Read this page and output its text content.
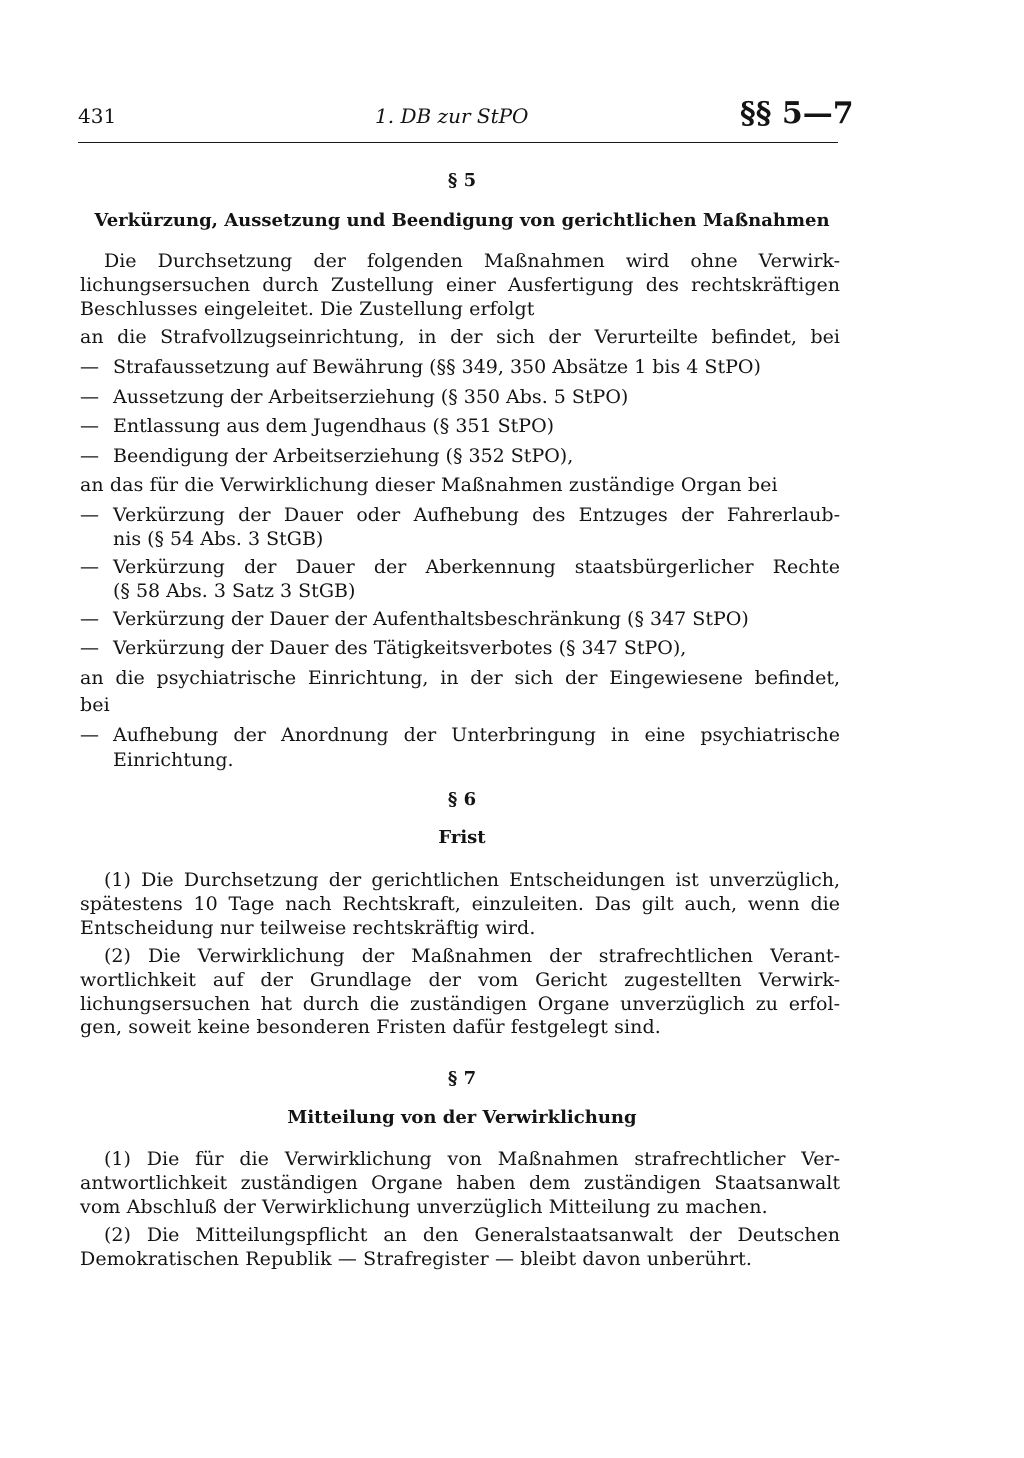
431	1. DB zur StPO	§§ 5—7
§ 5
Verkürzung, Aussetzung und Beendigung von gerichtlichen Maßnahmen
Die Durchsetzung der folgenden Maßnahmen wird ohne Verwirk-
lichungsersuchen durch Zustellung einer Ausfertigung des rechtskräftigen
Beschlusses eingeleitet. Die Zustellung erfolgt
an die Strafvollzugseinrichtung, in der sich der Verurteilte befindet, bei
— Strafaussetzung auf Bewährung (§§ 349, 350 Absätze 1 bis 4 StPO)
— Aussetzung der Arbeitserziehung (§ 350 Abs. 5 StPO)
— Entlassung aus dem Jugendhaus (§ 351 StPO)
— Beendigung der Arbeitserziehung (§ 352 StPO),
an das für die Verwirklichung dieser Maßnahmen zuständige Organ bei
— Verkürzung der Dauer oder Aufhebung des Entzuges der Fahrerlaub-
nis (§ 54 Abs. 3 StGB)
— Verkürzung der Dauer der Aberkennung staatsbürgerlicher Rechte
(§ 58 Abs. 3 Satz 3 StGB)
— Verkürzung der Dauer der Aufenthaltsbeschränkung (§ 347 StPO)
— Verkürzung der Dauer des Tätigkeitsverbotes (§ 347 StPO),
an die psychiatrische Einrichtung, in der sich der Eingewiesene befindet,
bei
— Aufhebung der Anordnung der Unterbringung in eine psychiatrische
Einrichtung.
§ 6
Frist
(1) Die Durchsetzung der gerichtlichen Entscheidungen ist unverzüglich,
spätestens 10 Tage nach Rechtskraft, einzuleiten. Das gilt auch, wenn die
Entscheidung nur teilweise rechtskräftig wird.
(2) Die Verwirklichung der Maßnahmen der strafrechtlichen Verant-
wortlichkeit auf der Grundlage der vom Gericht zugestellten Verwirk-
lichungsersuchen hat durch die zuständigen Organe unverzüglich zu erfol-
gen, soweit keine besonderen Fristen dafür festgelegt sind.
§ 7
Mitteilung von der Verwirklichung
(1) Die für die Verwirklichung von Maßnahmen strafrechtlicher Ver-
antwortlichkeit zuständigen Organe haben dem zuständigen Staatsanwalt
vom Abschluß der Verwirklichung unverzüglich Mitteilung zu machen.
(2) Die Mitteilungspflicht an den Generalstaatsanwalt der Deutschen
Demokratischen Republik — Strafregister — bleibt davon unberührt.
